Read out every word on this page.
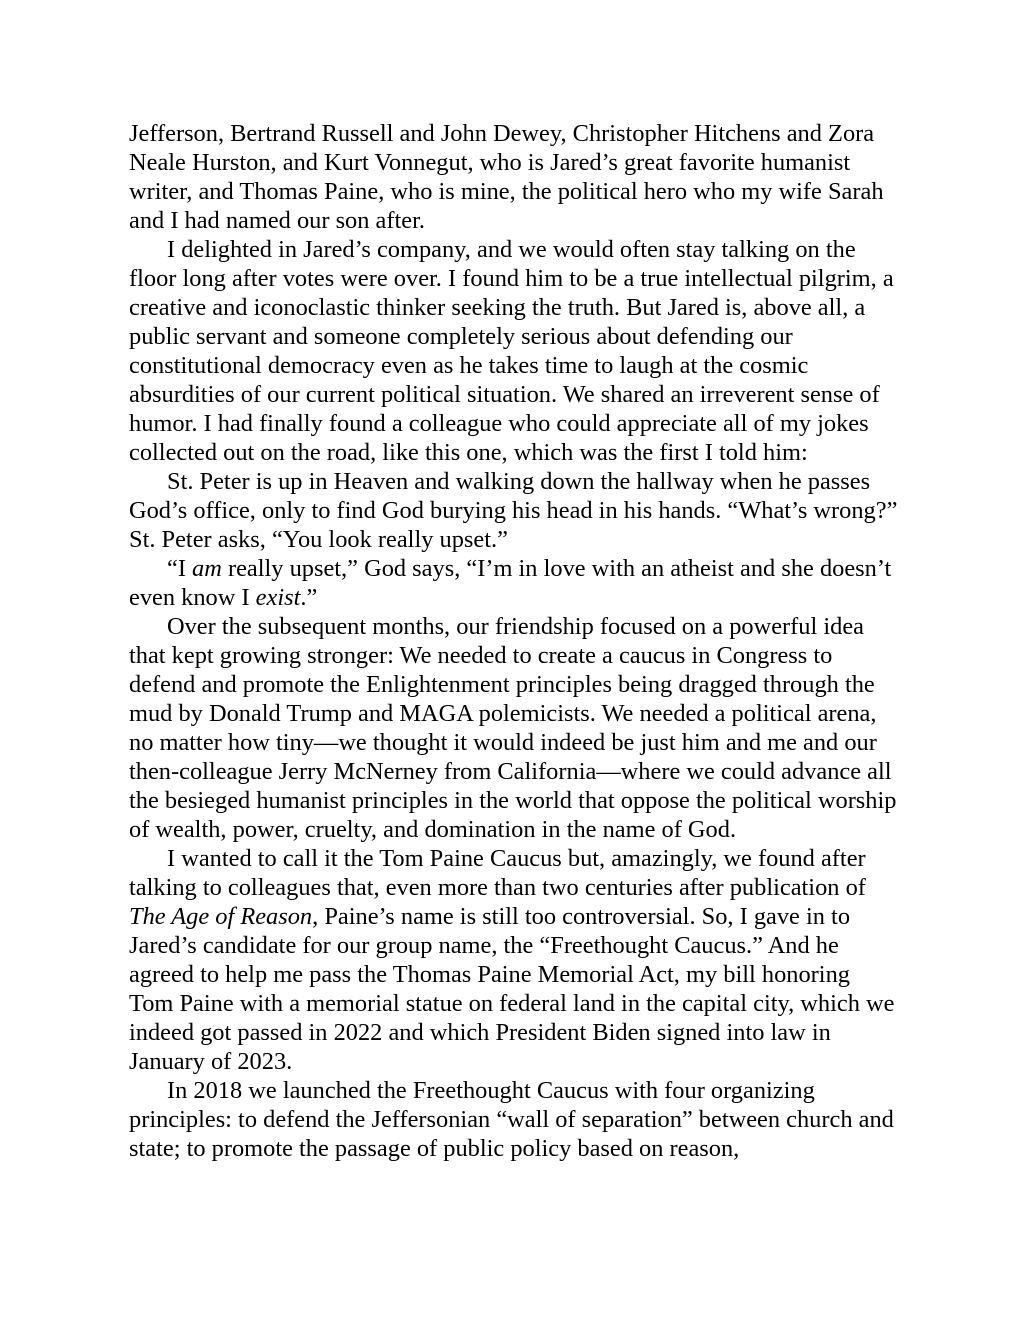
Jefferson, Bertrand Russell and John Dewey, Christopher Hitchens and Zora Neale Hurston, and Kurt Vonnegut, who is Jared’s great favorite humanist writer, and Thomas Paine, who is mine, the political hero who my wife Sarah and I had named our son after.

I delighted in Jared’s company, and we would often stay talking on the floor long after votes were over. I found him to be a true intellectual pilgrim, a creative and iconoclastic thinker seeking the truth. But Jared is, above all, a public servant and someone completely serious about defending our constitutional democracy even as he takes time to laugh at the cosmic absurdities of our current political situation. We shared an irreverent sense of humor. I had finally found a colleague who could appreciate all of my jokes collected out on the road, like this one, which was the first I told him:

St. Peter is up in Heaven and walking down the hallway when he passes God’s office, only to find God burying his head in his hands. “What’s wrong?” St. Peter asks, “You look really upset.”

“I am really upset,” God says, “I’m in love with an atheist and she doesn’t even know I exist.”

Over the subsequent months, our friendship focused on a powerful idea that kept growing stronger: We needed to create a caucus in Congress to defend and promote the Enlightenment principles being dragged through the mud by Donald Trump and MAGA polemicists. We needed a political arena, no matter how tiny—we thought it would indeed be just him and me and our then-colleague Jerry McNerney from California—where we could advance all the besieged humanist principles in the world that oppose the political worship of wealth, power, cruelty, and domination in the name of God.

I wanted to call it the Tom Paine Caucus but, amazingly, we found after talking to colleagues that, even more than two centuries after publication of The Age of Reason, Paine’s name is still too controversial. So, I gave in to Jared’s candidate for our group name, the “Freethought Caucus.” And he agreed to help me pass the Thomas Paine Memorial Act, my bill honoring Tom Paine with a memorial statue on federal land in the capital city, which we indeed got passed in 2022 and which President Biden signed into law in January of 2023.

In 2018 we launched the Freethought Caucus with four organizing principles: to defend the Jeffersonian “wall of separation” between church and state; to promote the passage of public policy based on reason,
